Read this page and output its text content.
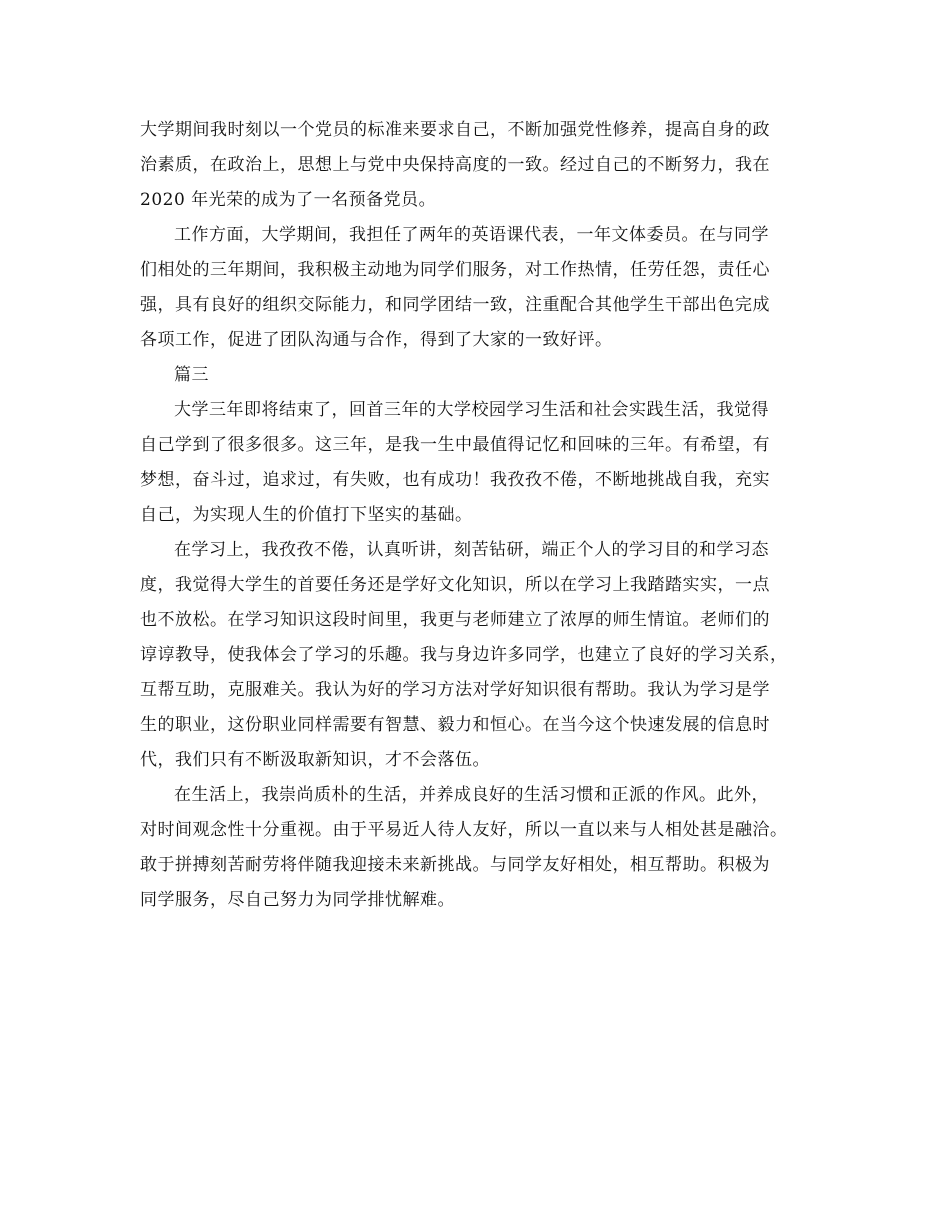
大学期间我时刻以一个党员的标准来要求自己，不断加强党性修养，提高自身的政
治素质，在政治上，思想上与党中央保持高度的一致。经过自己的不断努力，我在
2020 年光荣的成为了一名预备党员。
工作方面，大学期间，我担任了两年的英语课代表，一年文体委员。在与同学
们相处的三年期间，我积极主动地为同学们服务，对工作热情，任劳任怨，责任心
强，具有良好的组织交际能力，和同学团结一致，注重配合其他学生干部出色完成
各项工作，促进了团队沟通与合作，得到了大家的一致好评。
篇三
大学三年即将结束了，回首三年的大学校园学习生活和社会实践生活，我觉得
自己学到了很多很多。这三年，是我一生中最值得记忆和回味的三年。有希望，有
梦想，奋斗过，追求过，有失败，也有成功！我孜孜不倦，不断地挑战自我，充实
自己，为实现人生的价值打下坚实的基础。
在学习上，我孜孜不倦，认真听讲，刻苦钻研，端正个人的学习目的和学习态
度，我觉得大学生的首要任务还是学好文化知识，所以在学习上我踏踏实实，一点
也不放松。在学习知识这段时间里，我更与老师建立了浓厚的师生情谊。老师们的
谆谆教导，使我体会了学习的乐趣。我与身边许多同学，也建立了良好的学习关系，
互帮互助，克服难关。我认为好的学习方法对学好知识很有帮助。我认为学习是学
生的职业，这份职业同样需要有智慧、毅力和恒心。在当今这个快速发展的信息时
代，我们只有不断汲取新知识，才不会落伍。
在生活上，我崇尚质朴的生活，并养成良好的生活习惯和正派的作风。此外，
对时间观念性十分重视。由于平易近人待人友好，所以一直以来与人相处甚是融洽。
敢于拼搏刻苦耐劳将伴随我迎接未来新挑战。与同学友好相处，相互帮助。积极为
同学服务，尽自己努力为同学排忧解难。
